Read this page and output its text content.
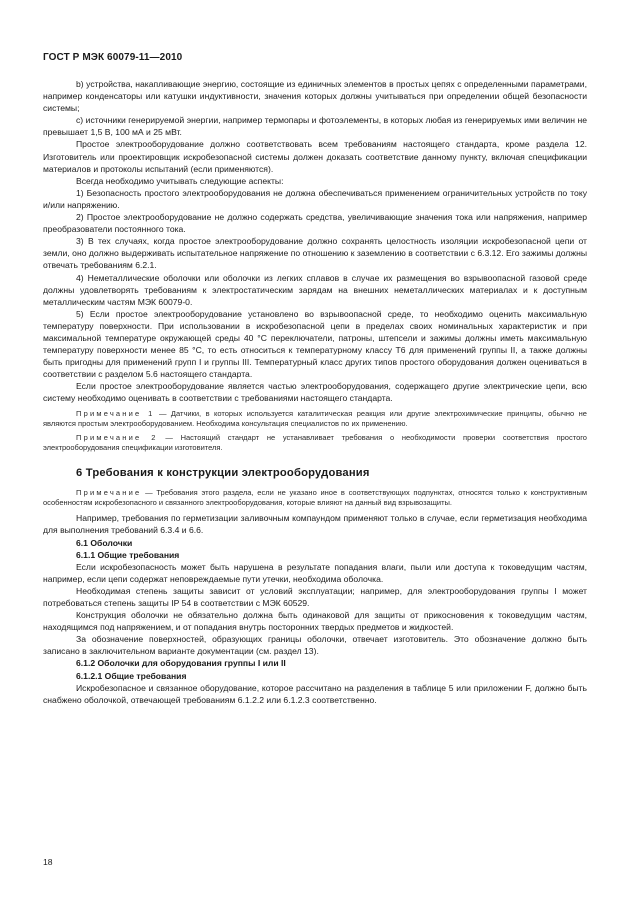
ГОСТ Р МЭК 60079-11—2010

b) устройства, накапливающие энергию, состоящие из единичных элементов в простых цепях с определенными параметрами, например конденсаторы или катушки индуктивности, значения которых должны учитываться при определении общей безопасности системы;

c) источники генерируемой энергии, например термопары и фотоэлементы, в которых любая из генерируемых ими величин не превышает 1,5 В, 100 мА и 25 мВт.

Простое электрооборудование должно соответствовать всем требованиям настоящего стандарта, кроме раздела 12. Изготовитель или проектировщик искробезопасной системы должен доказать соответствие данному пункту, включая спецификации материалов и протоколы испытаний (если применяются).

Всегда необходимо учитывать следующие аспекты:

1) Безопасность простого электрооборудования не должна обеспечиваться применением ограничительных устройств по току и/или напряжению.

2) Простое электрооборудование не должно содержать средства, увеличивающие значения тока или напряжения, например преобразователи постоянного тока.

3) В тех случаях, когда простое электрооборудование должно сохранять целостность изоляции искробезопасной цепи от земли, оно должно выдерживать испытательное напряжение по отношению к заземлению в соответствии с 6.3.12. Его зажимы должны отвечать требованиям 6.2.1.

4) Неметаллические оболочки или оболочки из легких сплавов в случае их размещения во взрывоопасной газовой среде должны удовлетворять требованиям к электростатическим зарядам на внешних неметаллических материалах и к доступным металлическим частям МЭК 60079-0.

5) Если простое электрооборудование установлено во взрывоопасной среде, то необходимо оценить максимальную температуру поверхности. При использовании в искробезопасной цепи в пределах своих номинальных характеристик и при максимальной температуре окружающей среды 40 °С переключатели, патроны, штепсели и зажимы должны иметь максимальную температуру поверхности менее 85 °С, то есть относиться к температурному классу Т6 для применений группы II, а также должны быть пригодны для применений групп I и группы III. Температурный класс других типов простого оборудования должен оцениваться в соответствии с разделом 5.6 настоящего стандарта.

Если простое электрооборудование является частью электрооборудования, содержащего другие электрические цепи, всю систему необходимо оценивать в соответствии с требованиями настоящего стандарта.

Примечание 1 — Датчики, в которых используется каталитическая реакция или другие электрохимические принципы, обычно не являются простым электрооборудованием. Необходима консультация специалистов по их применению.

Примечание 2 — Настоящий стандарт не устанавливает требования о необходимости проверки соответствия простого электрооборудования спецификации изготовителя.

6 Требования к конструкции электрооборудования

Примечание — Требования этого раздела, если не указано иное в соответствующих подпунктах, относятся только к конструктивным особенностям искробезопасного и связанного электрооборудования, которые влияют на данный вид взрывозащиты.

Например, требования по герметизации заливочным компаундом применяют только в случае, если герметизация необходима для выполнения требований 6.3.4 и 6.6.

6.1 Оболочки

6.1.1 Общие требования

Если искробезопасность может быть нарушена в результате попадания влаги, пыли или доступа к токоведущим частям, например, если цепи содержат неповреждаемые пути утечки, необходима оболочка.

Необходимая степень защиты зависит от условий эксплуатации; например, для электрооборудования группы I может потребоваться степень защиты IP 54 в соответствии с МЭК 60529.

Конструкция оболочки не обязательно должна быть одинаковой для защиты от прикосновения к токоведущим частям, находящимся под напряжением, и от попадания внутрь посторонних твердых предметов и жидкостей.

За обозначение поверхностей, образующих границы оболочки, отвечает изготовитель. Это обозначение должно быть записано в заключительном варианте документации (см. раздел 13).

6.1.2 Оболочки для оборудования группы I или II

6.1.2.1 Общие требования

Искробезопасное и связанное оборудование, которое рассчитано на разделения в таблице 5 или приложении F, должно быть снабжено оболочкой, отвечающей требованиям 6.1.2.2 или 6.1.2.3 соответственно.

18
